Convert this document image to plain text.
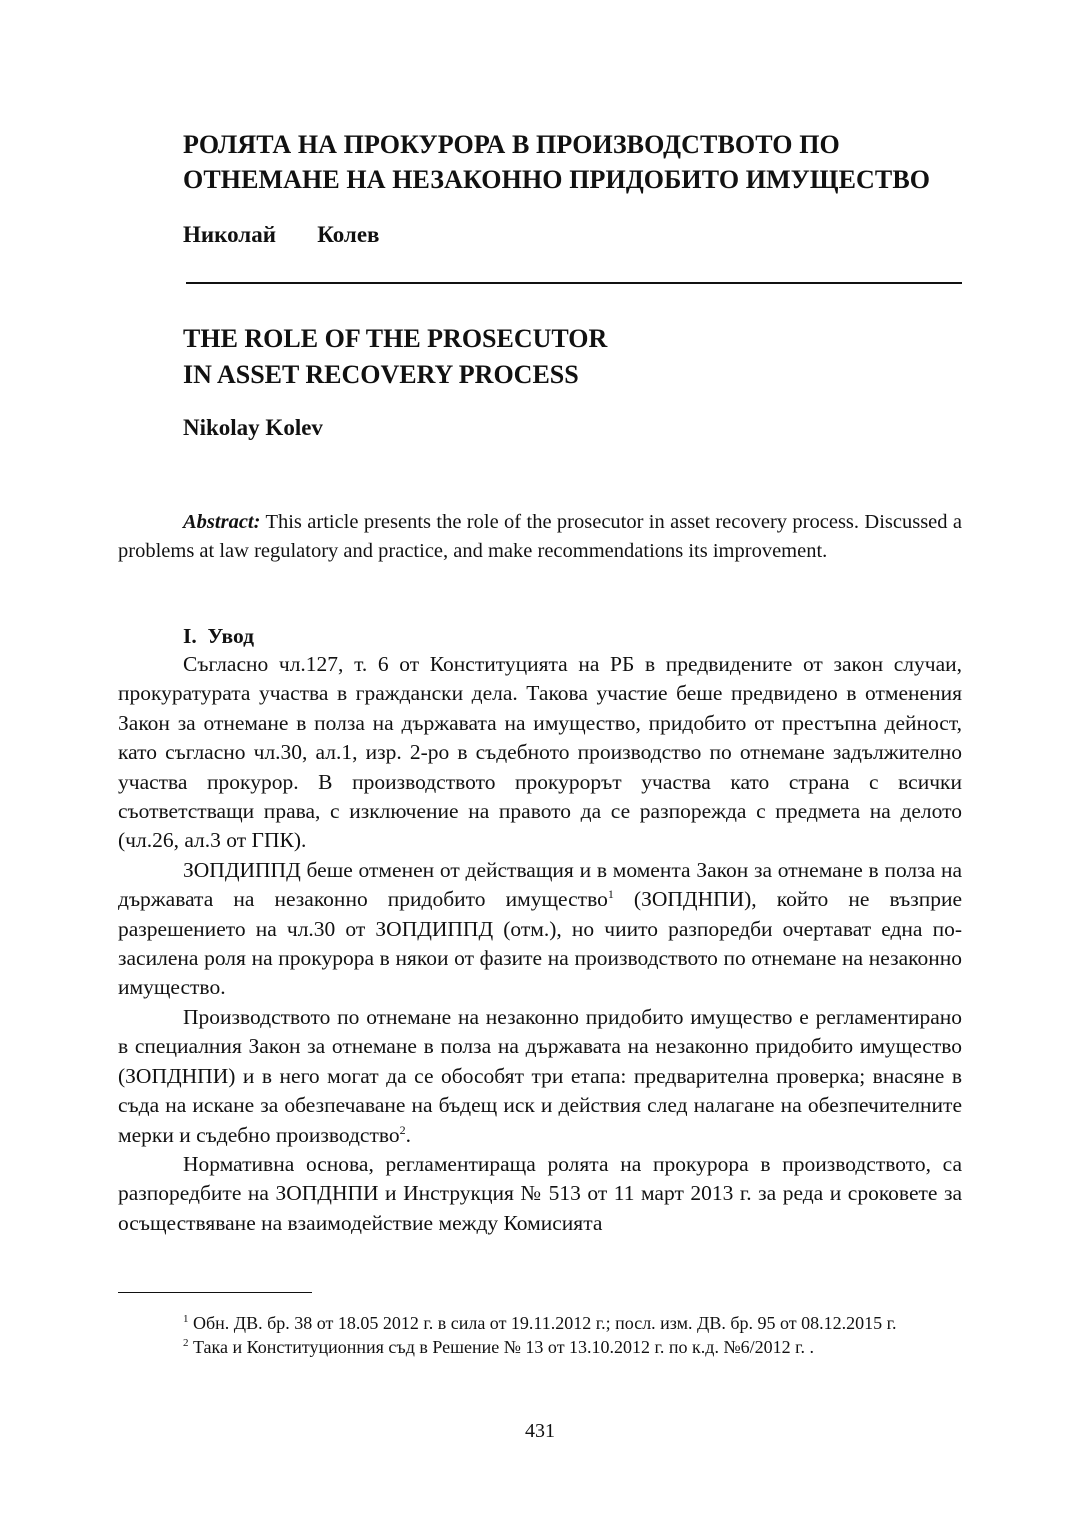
РОЛЯТА НА ПРОКУРОРА В ПРОИЗВОДСТВОТО ПО
ОТНЕМАНЕ НА НЕЗАКОННО ПРИДОБИТО ИМУЩЕСТВО
Николай   Колев
THE ROLE OF THE PROSECUTOR
IN ASSET RECOVERY PROCESS
Nikolay Kolev

Abstract: This article presents the role of the prosecutor in asset recovery process. Discussed a problems at law regulatory and practice, and make recommendations its improvement.

I.  Увод

Съгласно чл.127, т. 6 от Конституцията на РБ в предвидените от закон случаи, прокуратурата участва в граждански дела. Такова участие беше предвидено в отменения Закон за отнемане в полза на държавата на имущество, придобито от престъпна дейност, като съгласно чл.30, ал.1, изр. 2-ро в съдебното производство по отнемане задължително участва прокурор. В производството прокурорът участва като страна с всички съответстващи права, с изключение на правото да се разпорежда с предмета на делото (чл.26, ал.3 от ГПК).

ЗОПДИППД беше отменен от действащия и в момента Закон за отнемане в полза на държавата на незаконно придобито имущество$^1$ (ЗОПДНПИ), който не възприе разрешението на чл.30 от ЗОПДИППД (отм.), но чиито разпоредби очертават една по-засилена роля на прокурора в някои от фазите на производството по отнемане на незаконно имущество.

Производството по отнемане на незаконно придобито имущество е регламентирано в специалния Закон за отнемане в полза на държавата на незаконно придобито имущество (ЗОПДНПИ) и в него могат да се обособят три етапа: предварителна проверка; внасяне в съда на искане за обезпечаване на бъдещ иск и действия след налагане на обезпечителните мерки и съдебно производство$^2$.

Нормативна основа, регламентираща ролята на прокурора в производството, са разпоредбите на ЗОПДНПИ и Инструкция № 513 от 11 март 2013 г. за реда и сроковете за осъществяване на взаимодействие между Комисията

$^1$ Обн. ДВ. бр. 38 от 18.05 2012 г. в сила от 19.11.2012 г.; посл. изм. ДВ. бр. 95 от 08.12.2015 г.

$^2$ Така и Конституционния съд в Решение № 13 от 13.10.2012 г. по к.д. №6/2012 г. .

431
